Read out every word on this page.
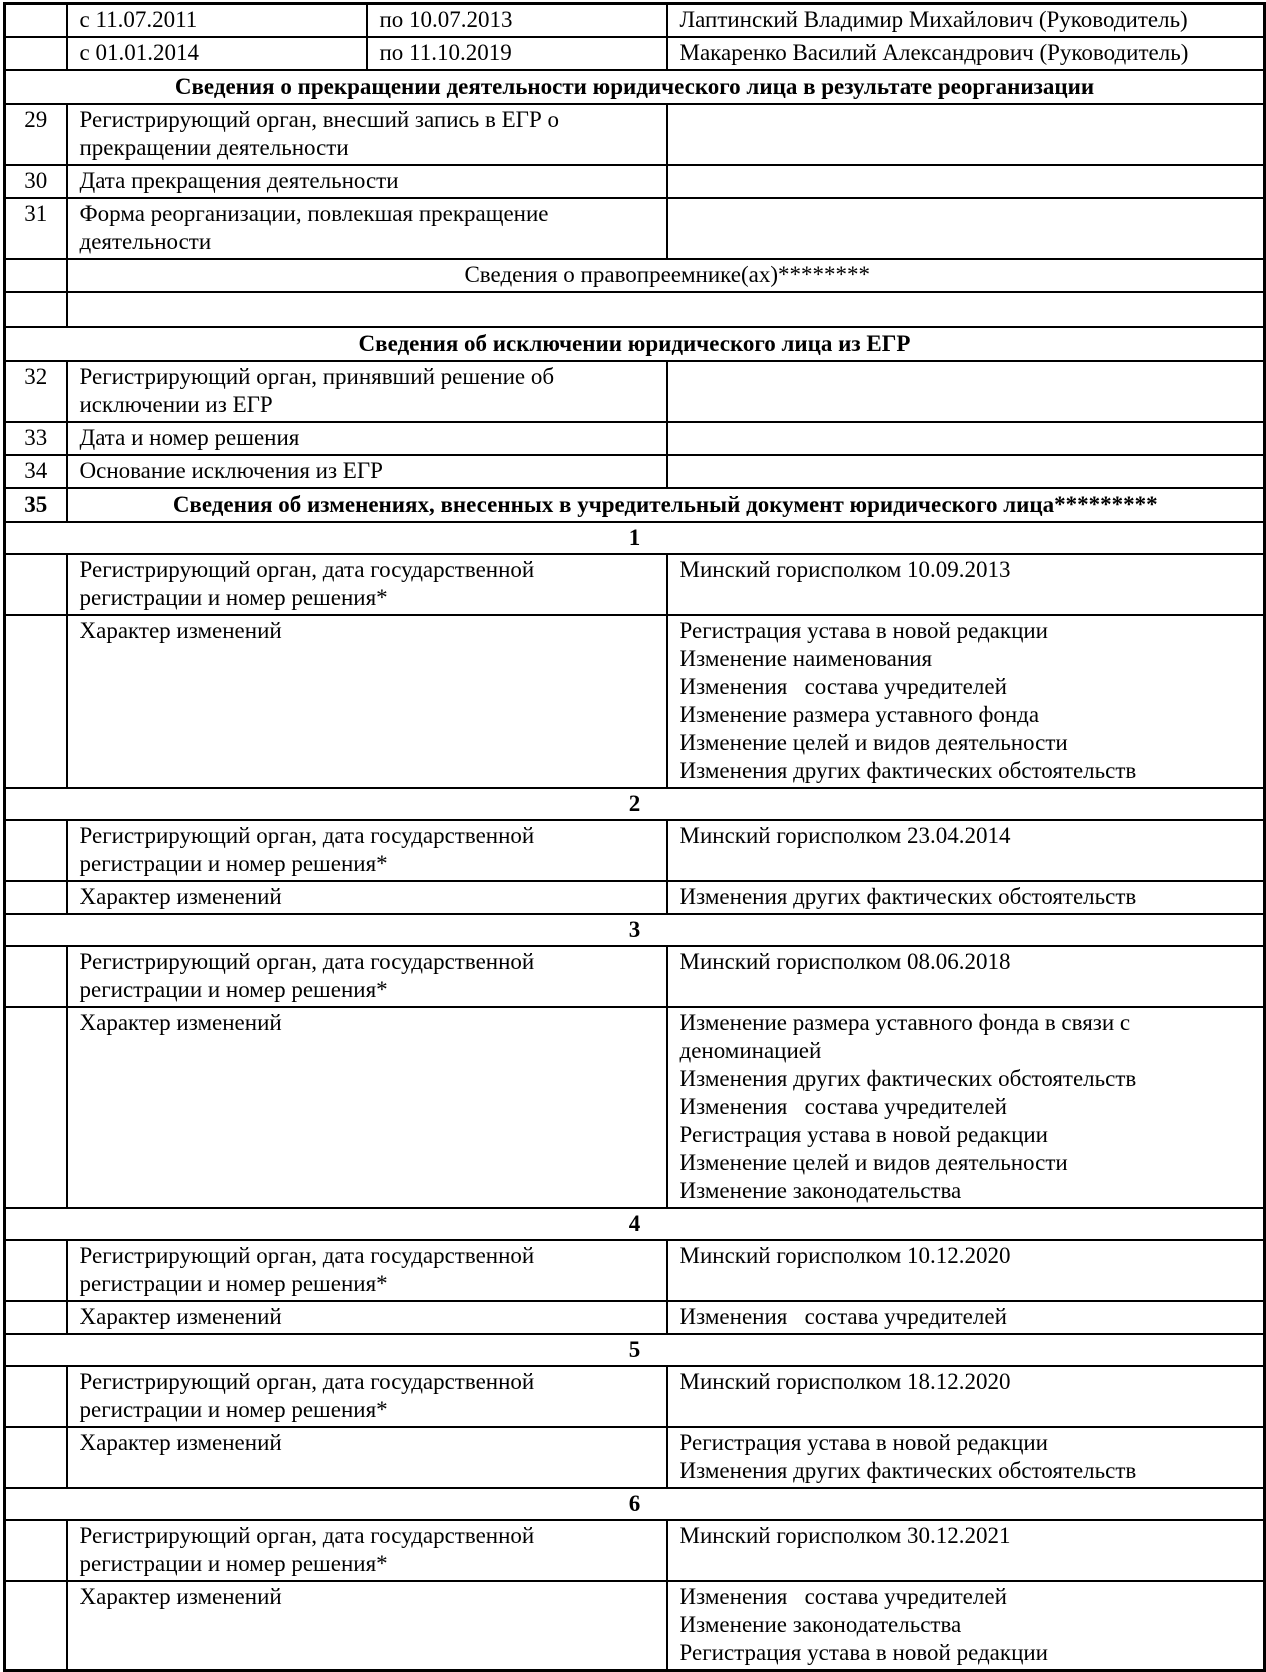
	с 11.07.2011	по 10.07.2013	Лаптинский Владимир Михайлович (Руководитель)
	с 01.01.2014	по 11.10.2019	Макаренко Василий Александрович (Руководитель)
Сведения о прекращении деятельности юридического лица в результате реорганизации			
29	Регистрирующий орган, внесший запись в ЕГР о прекращении деятельности		
30	Дата прекращения деятельности		
31	Форма реорганизации, повлекшая прекращение деятельности		
	Сведения о правопреемнике(ах)********		

Сведения об исключении юридического лица из ЕГР			
32	Регистрирующий орган, принявший решение об исключении из ЕГР		
33	Дата и номер решения		
34	Основание исключения из ЕГР		
35	Сведения об изменениях, внесенных в учредительный документ юридического лица*********		
1			
	Регистрирующий орган, дата государственной регистрации и номер решения*		Минский горисполком 10.09.2013
	Характер изменений	Регистрация устава в новой редакции
Изменение наименования
Изменения   состава учредителей
Изменение размера уставного фонда
Изменение целей и видов деятельности
Изменения других фактических обстоятельств

2			
	Регистрирующий орган, дата государственной регистрации и номер решения*		Минский горисполком 23.04.2014
	Характер изменений		Изменения других фактических обстоятельств

3			
	Регистрирующий орган, дата государственной регистрации и номер решения*		Минский горисполком 08.06.2018
	Характер изменений	Изменение размера уставного фонда в связи с деноминацией
Изменения других фактических обстоятельств
Изменения   состава учредителей
Регистрация устава в новой редакции
Изменение целей и видов деятельности
Изменение законодательства

4			
	Регистрирующий орган, дата государственной регистрации и номер решения*		Минский горисполком 10.12.2020
	Характер изменений		Изменения   состава учредителей

5			
	Регистрирующий орган, дата государственной регистрации и номер решения*		Минский горисполком 18.12.2020
	Характер изменений		Регистрация устава в новой редакции
Изменения других фактических обстоятельств

6			
	Регистрирующий орган, дата государственной регистрации и номер решения*		Минский горисполком 30.12.2021
	Характер изменений		Изменения   состава учредителей
Изменение законодательства
Регистрация устава в новой редакции
